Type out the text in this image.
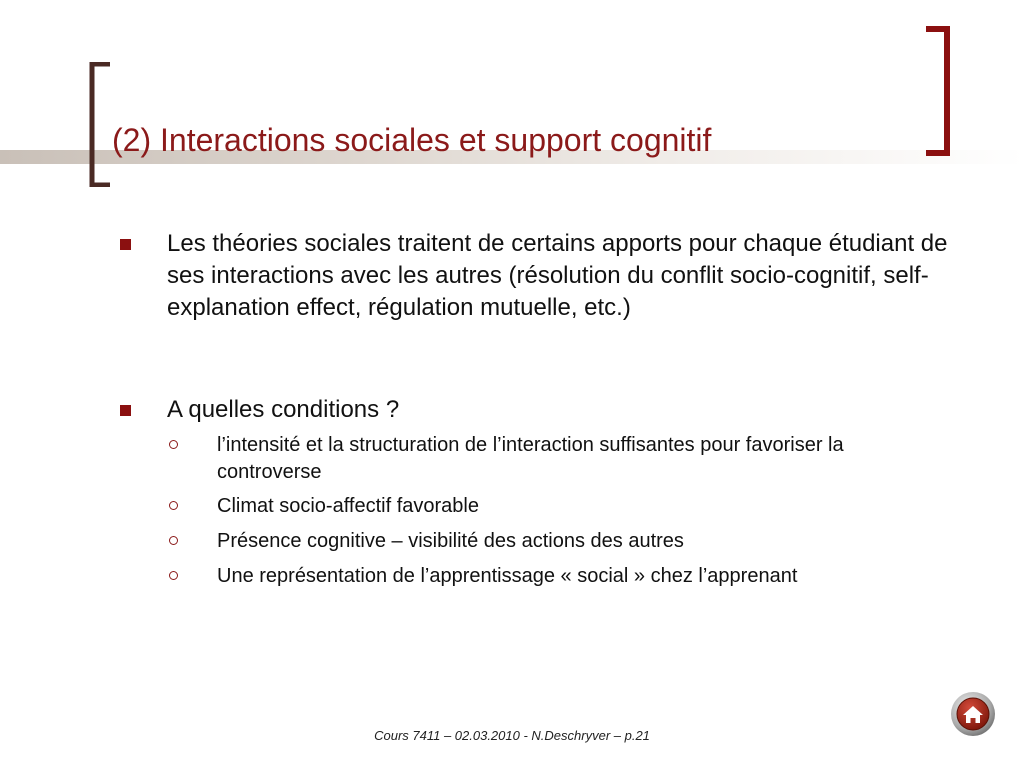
(2) Interactions sociales et support cognitif

Les théories sociales traitent de certains apports pour chaque étudiant de ses interactions avec les autres (résolution du conflit socio-cognitif, self-explanation effect, régulation mutuelle, etc.)

A quelles conditions ?

l’intensité et la structuration de l’interaction suffisantes pour favoriser la controverse

Climat socio-affectif favorable

Présence cognitive – visibilité des actions des autres

Une représentation de l’apprentissage « social » chez l’apprenant

Cours 7411 – 02.03.2010 - N.Deschryver – p.21
